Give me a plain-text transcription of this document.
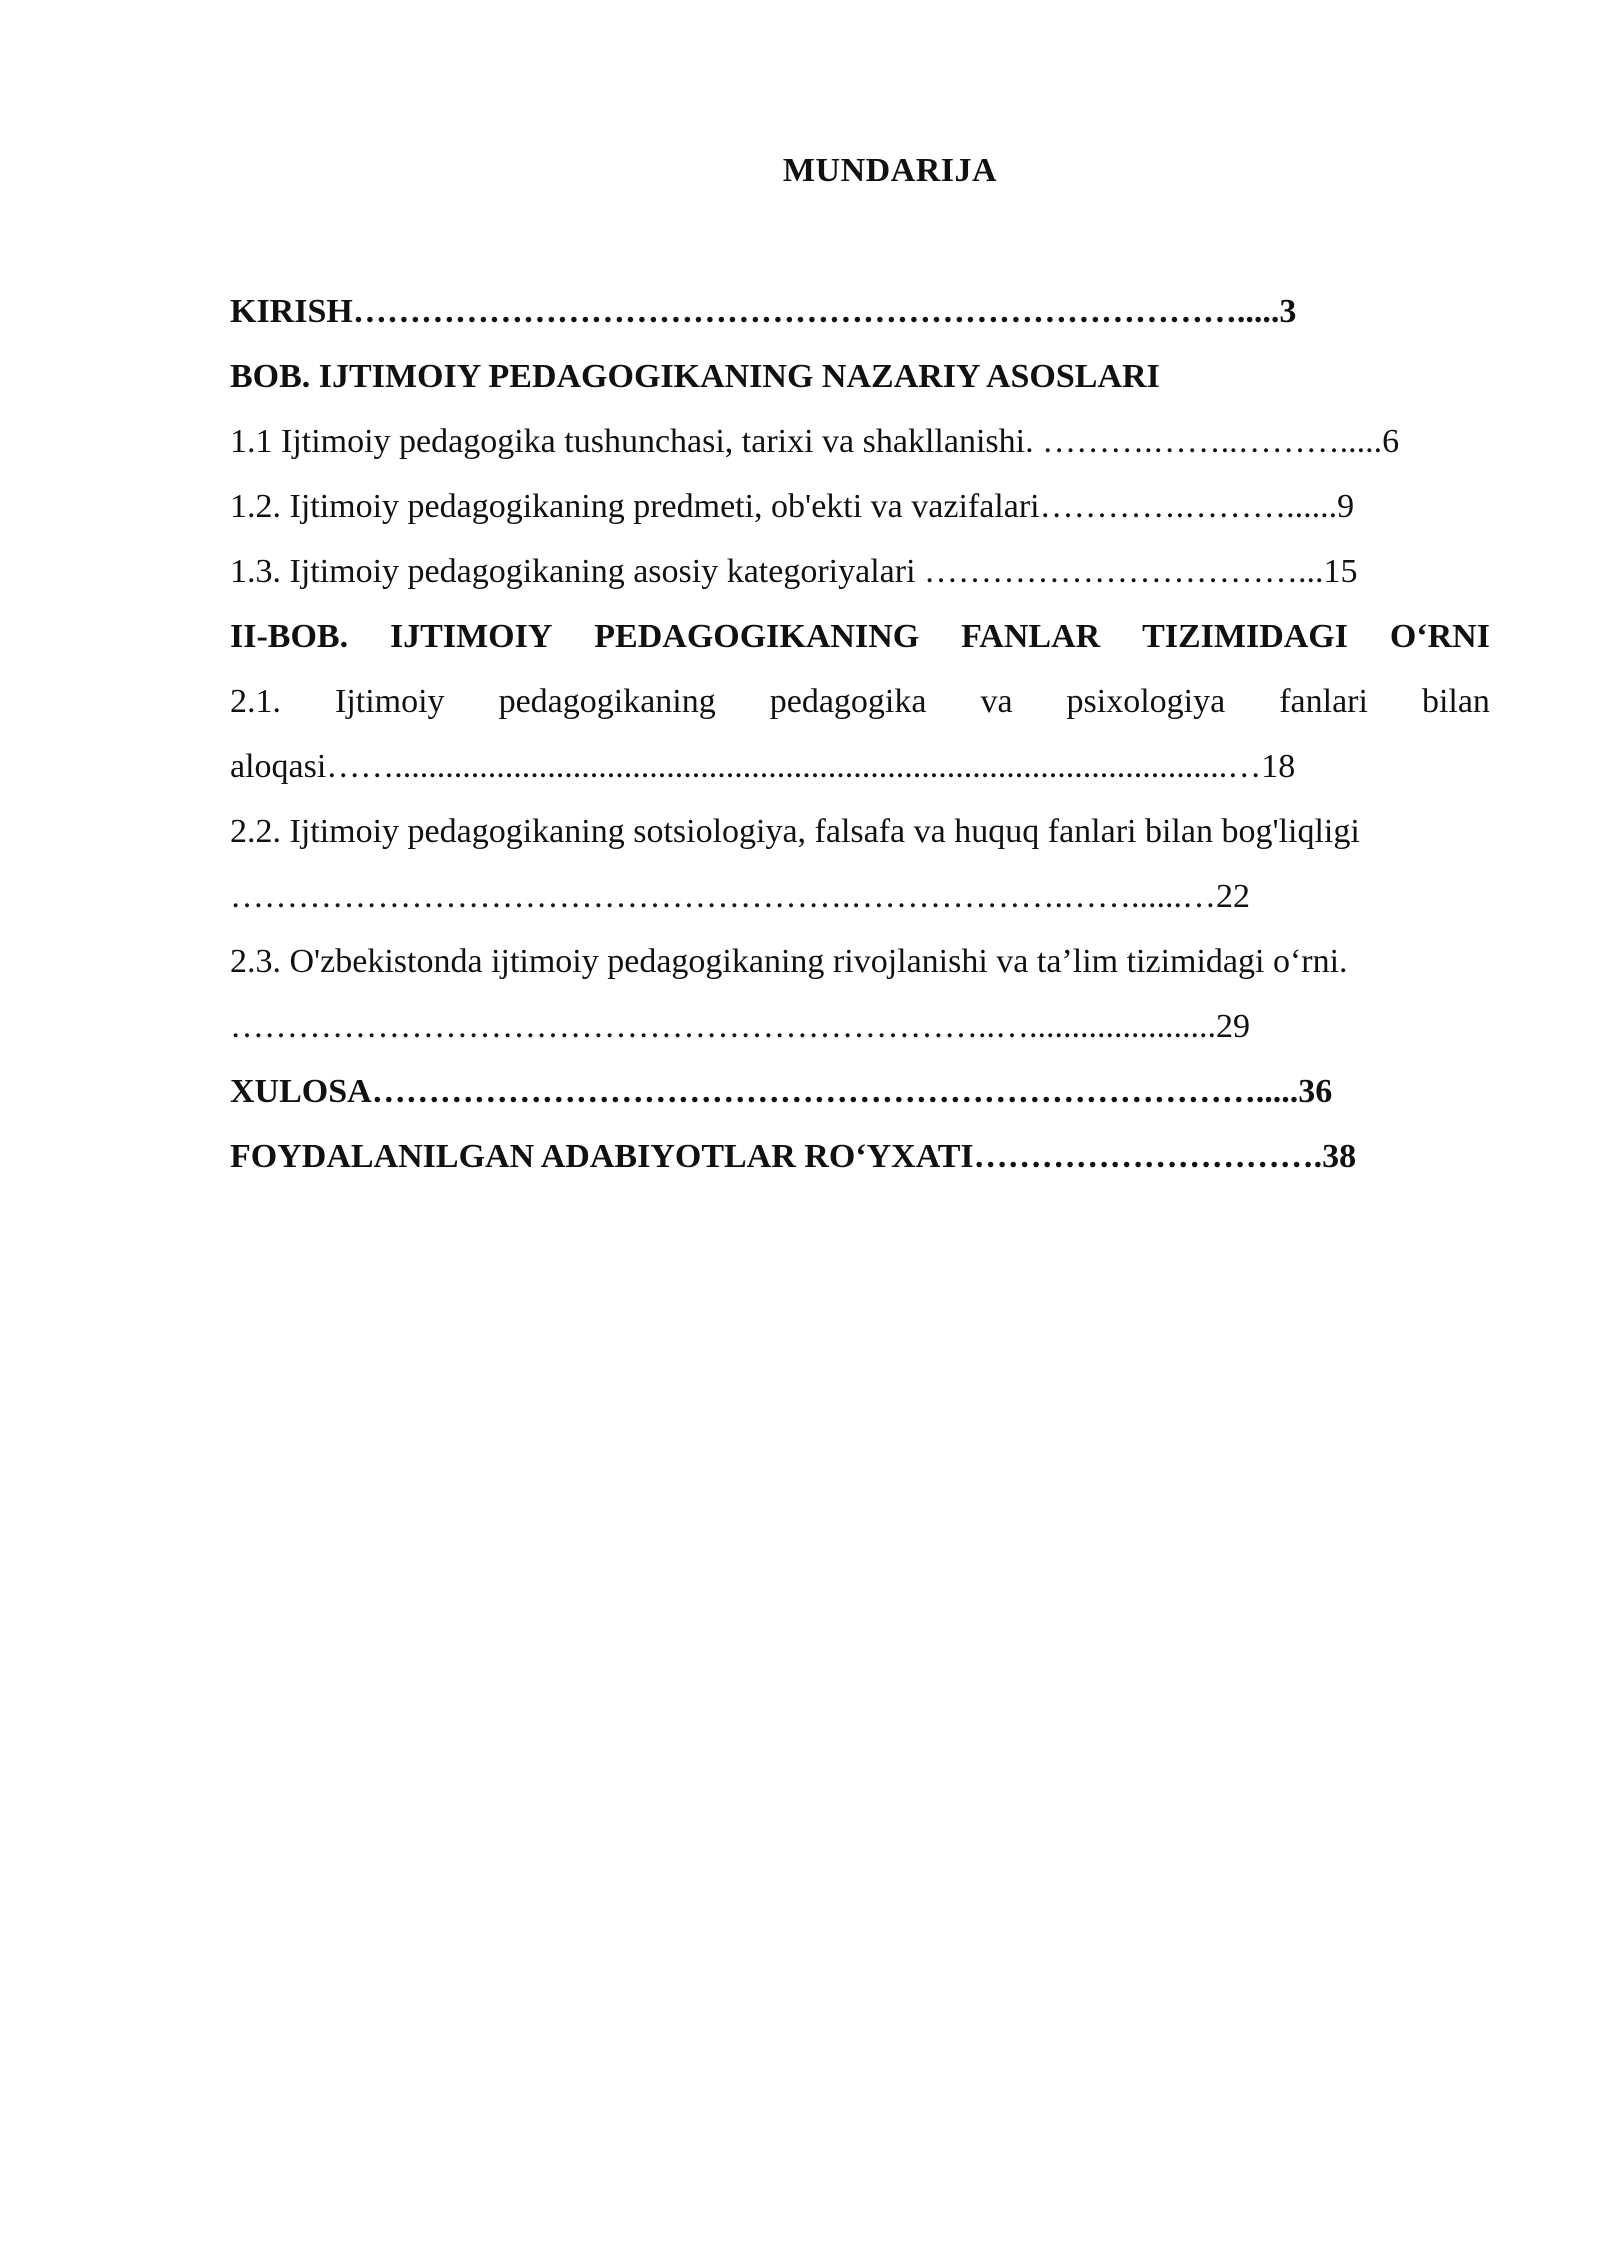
MUNDARIJA
KIRISH…………………………………………………………………….....3
BOB. IJTIMOIY PEDAGOGIKANING NAZARIY ASOSLARI
1.1 Ijtimoiy pedagogika tushunchasi, tarixi va shakllanishi. ……….……..……….....6
1.2. Ijtimoiy pedagogikaning predmeti, ob'ekti va vazifalari………….………......9
1.3. Ijtimoiy pedagogikaning asosiy kategoriyalari ……………………………...15
II-BOB. IJTIMOIY PEDAGOGIKANING FANLAR TIZIMIDAGI O‘RNI
2.1. Ijtimoiy pedagogikaning pedagogika va psixologiya fanlari bilan
aloqasi……..................................................................................................…18
2.2. Ijtimoiy pedagogikaning sotsiologiya, falsafa va huquq fanlari bilan bog'liqligi
……………………………………………….……………….……......…22
2.3. O'zbekistonda ijtimoiy pedagogikaning rivojlanishi va ta’lim tizimidagi o‘rni.
…………………………………………………………..…......................29
XULOSA…………………………………………………………………….....36
FOYDALANILGAN ADABIYOTLAR RO‘YXATI………………………….38
